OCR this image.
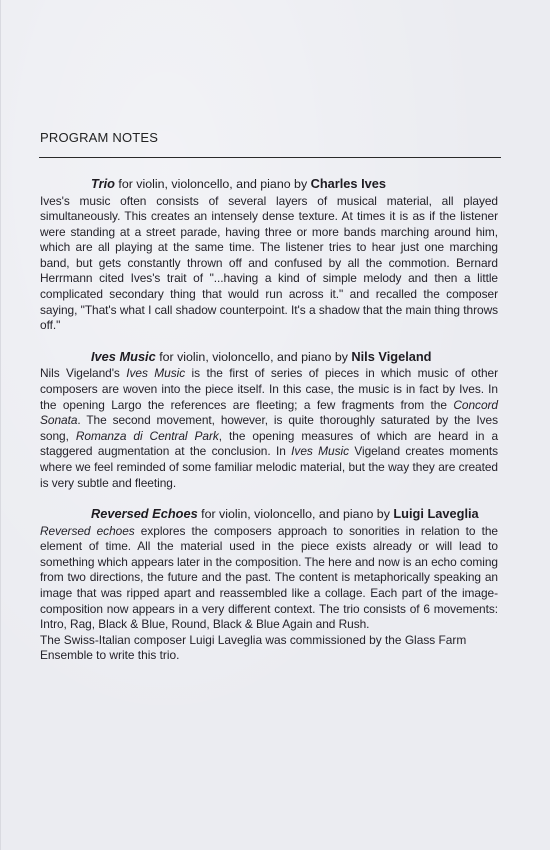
PROGRAM NOTES
Trio for violin, violoncello, and piano by Charles Ives
Ives's music often consists of several layers of musical material, all played simultaneously. This creates an intensely dense texture. At times it is as if the listener were standing at a street parade, having three or more bands marching around him, which are all playing at the same time. The listener tries to hear just one marching band, but gets constantly thrown off and confused by all the commotion. Bernard Herrmann cited Ives's trait of "...having a kind of simple melody and then a little complicated secondary thing that would run across it." and recalled the composer saying, "That's what I call shadow counterpoint. It's a shadow that the main thing throws off."
Ives Music for violin, violoncello, and piano by Nils Vigeland
Nils Vigeland's Ives Music is the first of series of pieces in which music of other composers are woven into the piece itself. In this case, the music is in fact by Ives. In the opening Largo the references are fleeting; a few fragments from the Concord Sonata. The second movement, however, is quite thoroughly saturated by the Ives song, Romanza di Central Park, the opening measures of which are heard in a staggered augmentation at the conclusion. In Ives Music Vigeland creates moments where we feel reminded of some familiar melodic material, but the way they are created is very subtle and fleeting.
Reversed Echoes for violin, violoncello, and piano by Luigi Laveglia
Reversed echoes explores the composers approach to sonorities in relation to the element of time. All the material used in the piece exists already or will lead to something which appears later in the composition. The here and now is an echo coming from two directions, the future and the past. The content is metaphorically speaking an image that was ripped apart and reassembled like a collage. Each part of the image-composition now appears in a very different context. The trio consists of 6 movements: Intro, Rag, Black & Blue, Round, Black & Blue Again and Rush.
The Swiss-Italian composer Luigi Laveglia was commissioned by the Glass Farm Ensemble to write this trio.
